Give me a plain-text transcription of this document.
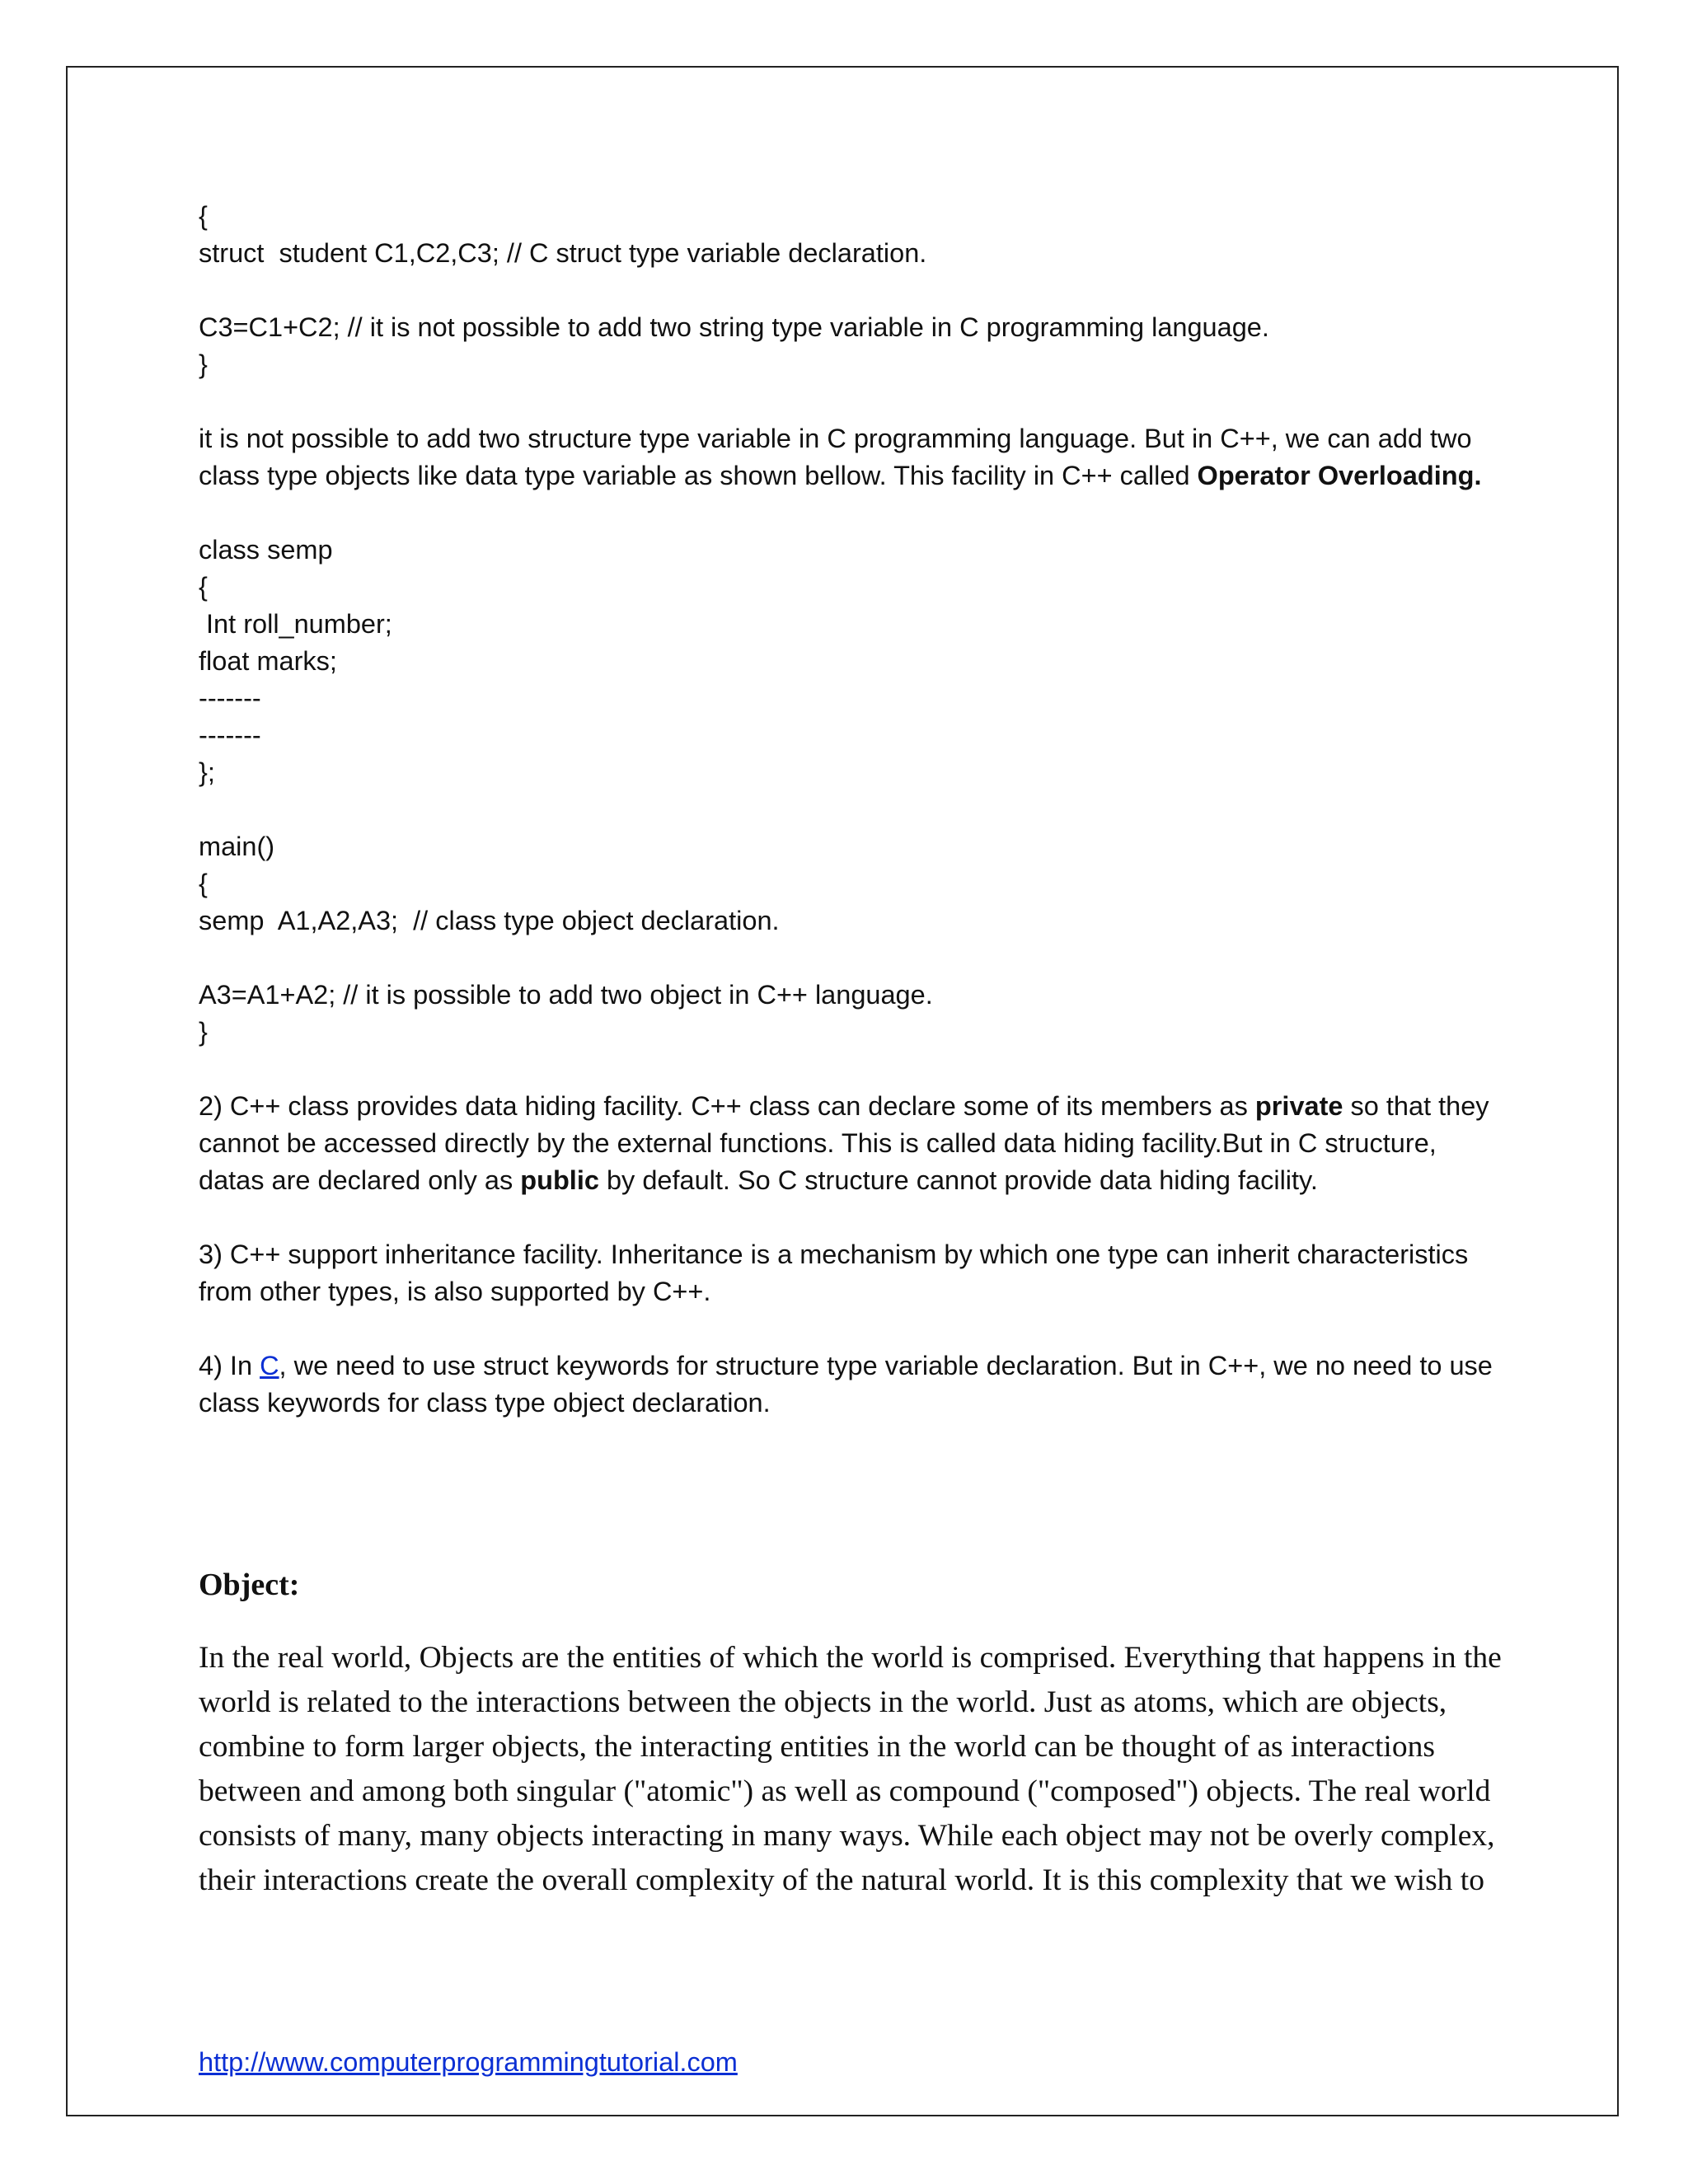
{

struct  student C1,C2,C3; // C struct type variable declaration.

C3=C1+C2; // it is not possible to add two string type variable in C programming language.

}

it is not possible to add two structure type variable in C programming language. But in C++, we can add two class type objects like data type variable as shown bellow. This facility in C++ called Operator Overloading.

class semp

{

Int roll_number;

float marks;

-------

-------

};

main()

{

semp  A1,A2,A3;  // class type object declaration.

A3=A1+A2; // it is possible to add two object in C++ language.

}

2) C++ class provides data hiding facility. C++ class can declare some of its members as private so that they cannot be accessed directly by the external functions. This is called data hiding facility.But in C structure, datas are declared only as public by default. So C structure cannot provide data hiding facility.

3) C++ support inheritance facility. Inheritance is a mechanism by which one type can inherit characteristics from other types, is also supported by C++.

4) In C, we need to use struct keywords for structure type variable declaration. But in C++, we no need to use class keywords for class type object declaration.

Object:

In the real world, Objects are the entities of which the world is comprised. Everything that happens in the world is related to the interactions between the objects in the world. Just as atoms, which are objects, combine to form larger objects, the interacting entities in the world can be thought of as interactions between and among both singular ("atomic") as well as compound ("composed") objects. The real world consists of many, many objects interacting in many ways. While each object may not be overly complex, their interactions create the overall complexity of the natural world. It is this complexity that we wish to

http://www.computerprogrammingtutorial.com
